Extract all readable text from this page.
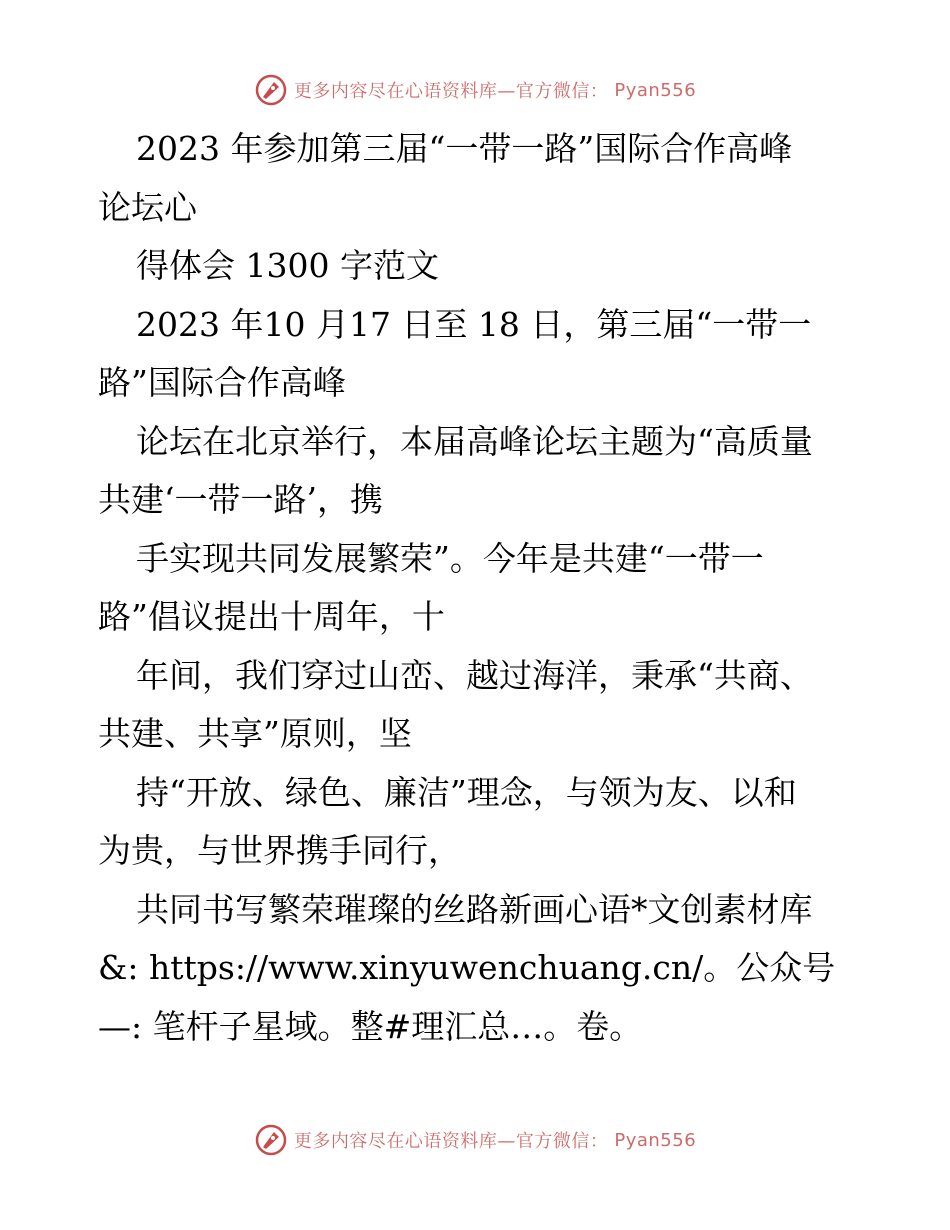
更多内容尽在心语资料库—官方微信： Pyan556
2023 年参加第三届“一带一路”国际合作高峰
论坛心
得体会 1300 字范文
2023 年10 月17 日至 18 日，第三届“一带一
路”国际合作高峰
论坛在北京举行，本届高峰论坛主题为“高质量
共建‘一带一路’，携
手实现共同发展繁荣”。今年是共建“一带一
路”倡议提出十周年，十
年间，我们穿过山峦、越过海洋，秉承“共商、
共建、共享”原则，坚
持“开放、绿色、廉洁”理念，与领为友、以和
为贵，与世界携手同行，
共同书写繁荣璀璨的丝路新画心语*文创素材库
&: https://www.xinyuwenchuang.cn/。公众号
—: 笔杆子星域。整#理汇总…。卷。
更多内容尽在心语资料库—官方微信： Pyan556
